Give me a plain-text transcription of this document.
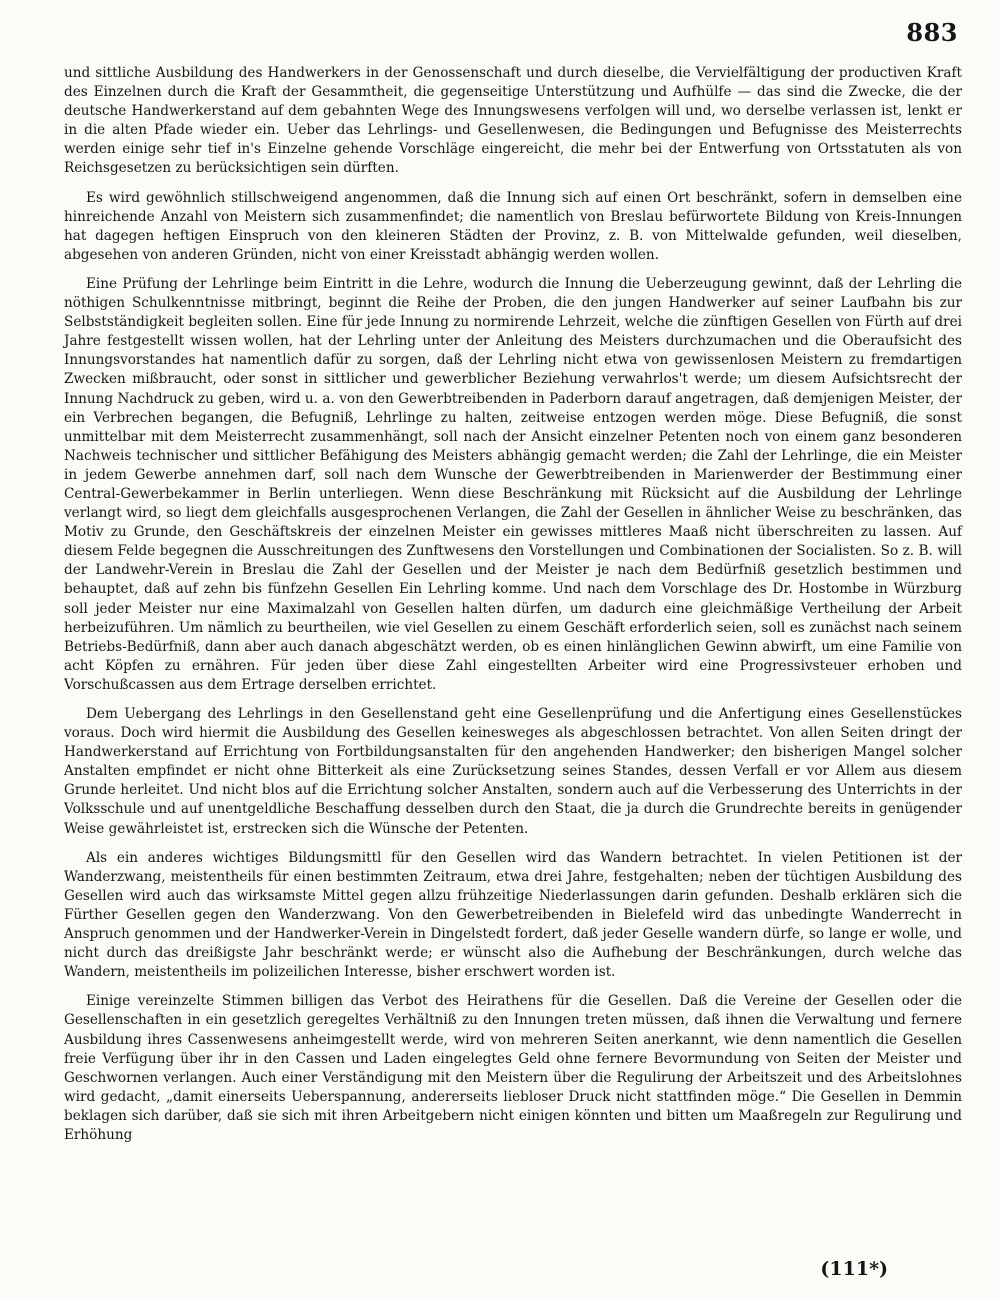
883

und sittliche Ausbildung des Handwerkers in der Genossenschaft und durch dieselbe, die Vervielfältigung der productiven Kraft des Einzelnen durch die Kraft der Gesammtheit, die gegenseitige Unterstützung und Aufhülfe — das sind die Zwecke, die der deutsche Handwerkerstand auf dem gebahnten Wege des Innungswesens verfolgen will und, wo derselbe verlassen ist, lenkt er in die alten Pfade wieder ein. Ueber das Lehrlings- und Gesellenwesen, die Bedingungen und Befugnisse des Meisterrechts werden einige sehr tief in's Einzelne gehende Vorschläge eingereicht, die mehr bei der Entwerfung von Ortsstatuten als von Reichsgesetzen zu berücksichtigen sein dürften.

Es wird gewöhnlich stillschweigend angenommen, daß die Innung sich auf einen Ort beschränkt, sofern in demselben eine hinreichende Anzahl von Meistern sich zusammenfindet; die namentlich von Breslau befürwortete Bildung von Kreis-Innungen hat dagegen heftigen Einspruch von den kleineren Städten der Provinz, z. B. von Mittelwalde gefunden, weil dieselben, abgesehen von anderen Gründen, nicht von einer Kreisstadt abhängig werden wollen.

Eine Prüfung der Lehrlinge beim Eintritt in die Lehre, wodurch die Innung die Ueberzeugung gewinnt, daß der Lehrling die nöthigen Schulkenntnisse mitbringt, beginnt die Reihe der Proben, die den jungen Handwerker auf seiner Laufbahn bis zur Selbstständigkeit begleiten sollen. Eine für jede Innung zu normirende Lehrzeit, welche die zünftigen Gesellen von Fürth auf drei Jahre festgestellt wissen wollen, hat der Lehrling unter der Anleitung des Meisters durchzumachen und die Oberaufsicht des Innungsvorstandes hat namentlich dafür zu sorgen, daß der Lehrling nicht etwa von gewissenlosen Meistern zu fremdartigen Zwecken mißbraucht, oder sonst in sittlicher und gewerblicher Beziehung verwahrlos't werde; um diesem Aufsichtsrecht der Innung Nachdruck zu geben, wird u. a. von den Gewerbtreibenden in Paderborn darauf angetragen, daß demjenigen Meister, der ein Verbrechen begangen, die Befugniß, Lehrlinge zu halten, zeitweise entzogen werden möge. Diese Befugniß, die sonst unmittelbar mit dem Meisterrecht zusammenhängt, soll nach der Ansicht einzelner Petenten noch von einem ganz besonderen Nachweis technischer und sittlicher Befähigung des Meisters abhängig gemacht werden; die Zahl der Lehrlinge, die ein Meister in jedem Gewerbe annehmen darf, soll nach dem Wunsche der Gewerbtreibenden in Marienwerder der Bestimmung einer Central-Gewerbekammer in Berlin unterliegen. Wenn diese Beschränkung mit Rücksicht auf die Ausbildung der Lehrlinge verlangt wird, so liegt dem gleichfalls ausgesprochenen Verlangen, die Zahl der Gesellen in ähnlicher Weise zu beschränken, das Motiv zu Grunde, den Geschäftskreis der einzelnen Meister ein gewisses mittleres Maaß nicht überschreiten zu lassen. Auf diesem Felde begegnen die Ausschreitungen des Zunftwesens den Vorstellungen und Combinationen der Socialisten. So z. B. will der Landwehr-Verein in Breslau die Zahl der Gesellen und der Meister je nach dem Bedürfniß gesetzlich bestimmen und behauptet, daß auf zehn bis fünfzehn Gesellen Ein Lehrling komme. Und nach dem Vorschlage des Dr. Hostombe in Würzburg soll jeder Meister nur eine Maximalzahl von Gesellen halten dürfen, um dadurch eine gleichmäßige Vertheilung der Arbeit herbeizuführen. Um nämlich zu beurtheilen, wie viel Gesellen zu einem Geschäft erforderlich seien, soll es zunächst nach seinem Betriebs-Bedürfniß, dann aber auch danach abgeschätzt werden, ob es einen hinlänglichen Gewinn abwirft, um eine Familie von acht Köpfen zu ernähren. Für jeden über diese Zahl eingestellten Arbeiter wird eine Progressivsteuer erhoben und Vorschußcassen aus dem Ertrage derselben errichtet.

Dem Uebergang des Lehrlings in den Gesellenstand geht eine Gesellenprüfung und die Anfertigung eines Gesellenstückes voraus. Doch wird hiermit die Ausbildung des Gesellen keinesweges als abgeschlossen betrachtet. Von allen Seiten dringt der Handwerkerstand auf Errichtung von Fortbildungsanstalten für den angehenden Handwerker; den bisherigen Mangel solcher Anstalten empfindet er nicht ohne Bitterkeit als eine Zurücksetzung seines Standes, dessen Verfall er vor Allem aus diesem Grunde herleitet. Und nicht blos auf die Errichtung solcher Anstalten, sondern auch auf die Verbesserung des Unterrichts in der Volksschule und auf unentgeldliche Beschaffung desselben durch den Staat, die ja durch die Grundrechte bereits in genügender Weise gewährleistet ist, erstrecken sich die Wünsche der Petenten.

Als ein anderes wichtiges Bildungsmittl für den Gesellen wird das Wandern betrachtet. In vielen Petitionen ist der Wanderzwang, meistentheils für einen bestimmten Zeitraum, etwa drei Jahre, festgehalten; neben der tüchtigen Ausbildung des Gesellen wird auch das wirksamste Mittel gegen allzu frühzeitige Niederlassungen darin gefunden. Deshalb erklären sich die Fürther Gesellen gegen den Wanderzwang. Von den Gewerbetreibenden in Bielefeld wird das unbedingte Wanderrecht in Anspruch genommen und der Handwerker-Verein in Dingelstedt fordert, daß jeder Geselle wandern dürfe, so lange er wolle, und nicht durch das dreißigste Jahr beschränkt werde; er wünscht also die Aufhebung der Beschränkungen, durch welche das Wandern, meistentheils im polizeilichen Interesse, bisher erschwert worden ist.

Einige vereinzelte Stimmen billigen das Verbot des Heirathens für die Gesellen. Daß die Vereine der Gesellen oder die Gesellenschaften in ein gesetzlich geregeltes Verhältniß zu den Innungen treten müssen, daß ihnen die Verwaltung und fernere Ausbildung ihres Cassenwesens anheimgestellt werde, wird von mehreren Seiten anerkannt, wie denn namentlich die Gesellen freie Verfügung über ihr in den Cassen und Laden eingelegtes Geld ohne fernere Bevormundung von Seiten der Meister und Geschwornen verlangen. Auch einer Verständigung mit den Meistern über die Regulirung der Arbeitszeit und des Arbeitslohnes wird gedacht, „damit einerseits Ueberspannung, andererseits liebloser Druck nicht stattfinden möge.“ Die Gesellen in Demmin beklagen sich darüber, daß sie sich mit ihren Arbeitgebern nicht einigen könnten und bitten um Maaßregeln zur Regulirung und Erhöhung

(111*)
